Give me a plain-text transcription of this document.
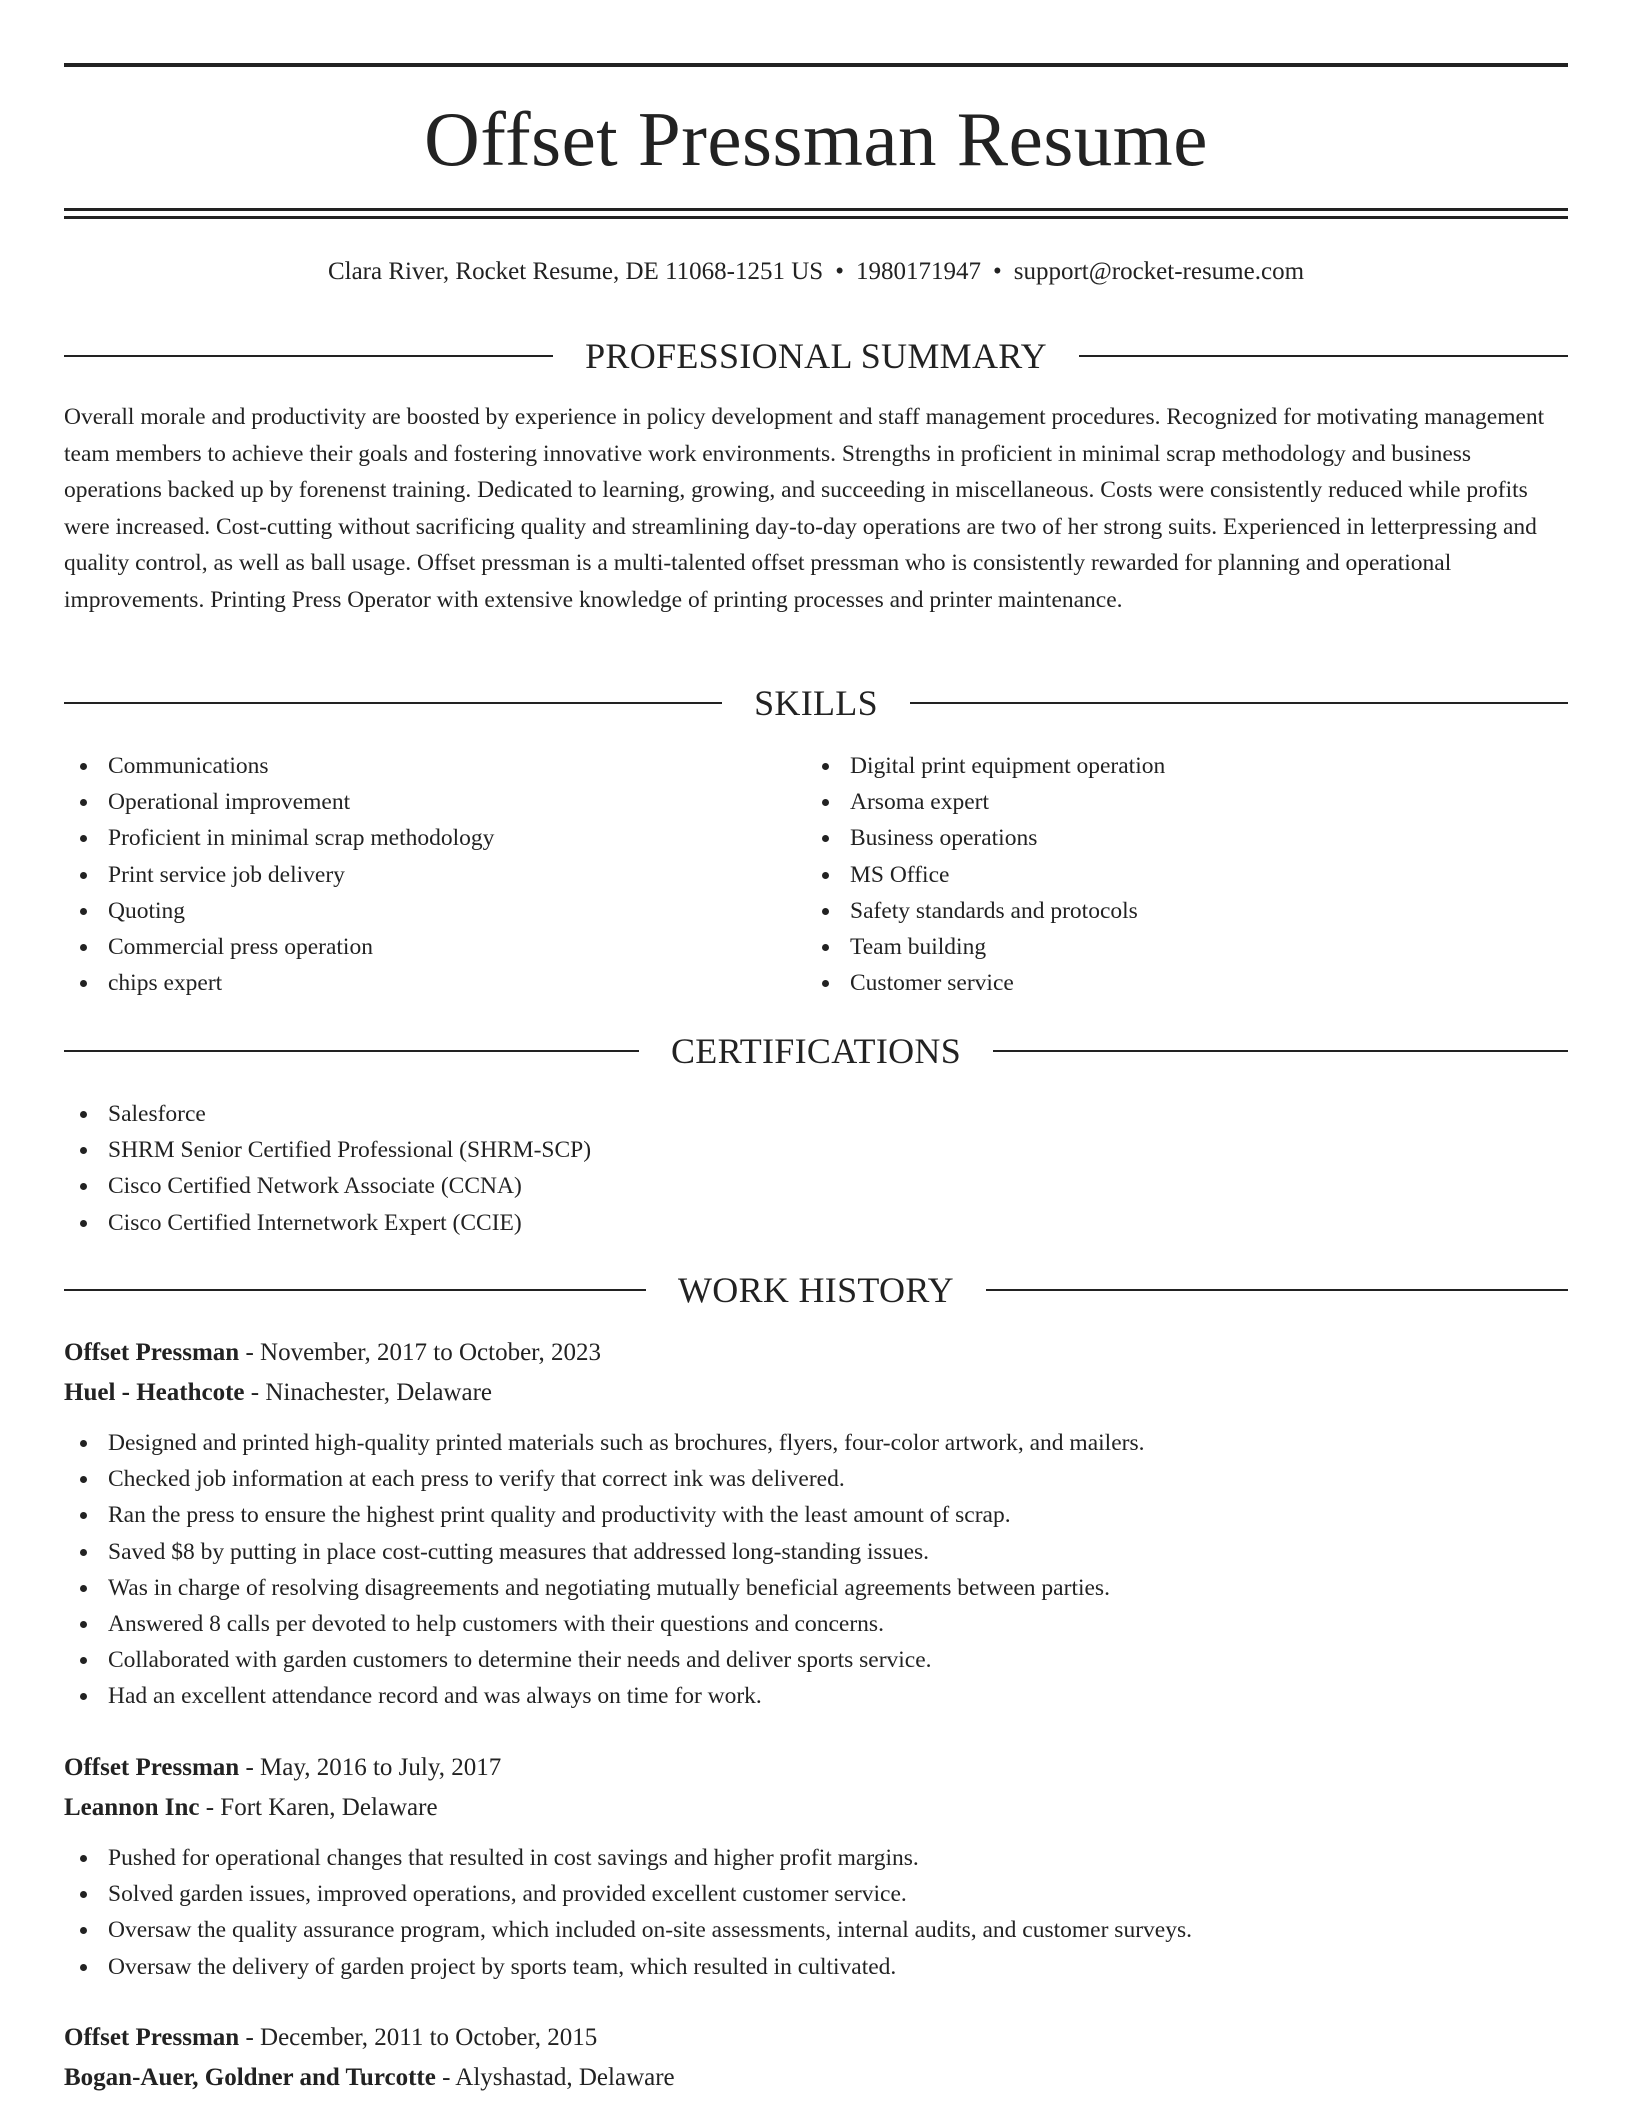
Offset Pressman Resume
Clara River, Rocket Resume, DE 11068-1251 US • 1980171947 • support@rocket-resume.com
PROFESSIONAL SUMMARY

Overall morale and productivity are boosted by experience in policy development and staff management procedures. Recognized for motivating management team members to achieve their goals and fostering innovative work environments. Strengths in proficient in minimal scrap methodology and business operations backed up by forenenst training. Dedicated to learning, growing, and succeeding in miscellaneous. Costs were consistently reduced while profits were increased. Cost-cutting without sacrificing quality and streamlining day-to-day operations are two of her strong suits. Experienced in letterpressing and quality control, as well as ball usage. Offset pressman is a multi-talented offset pressman who is consistently rewarded for planning and operational improvements. Printing Press Operator with extensive knowledge of printing processes and printer maintenance.

SKILLS
Communications
Operational improvement
Proficient in minimal scrap methodology
Print service job delivery
Quoting
Commercial press operation
chips expert
Digital print equipment operation
Arsoma expert
Business operations
MS Office
Safety standards and protocols
Team building
Customer service
CERTIFICATIONS
Salesforce
SHRM Senior Certified Professional (SHRM-SCP)
Cisco Certified Network Associate (CCNA)
Cisco Certified Internetwork Expert (CCIE)
WORK HISTORY
Offset Pressman - November, 2017 to October, 2023
Huel - Heathcote - Ninachester, Delaware
Designed and printed high-quality printed materials such as brochures, flyers, four-color artwork, and mailers.
Checked job information at each press to verify that correct ink was delivered.
Ran the press to ensure the highest print quality and productivity with the least amount of scrap.
Saved $8 by putting in place cost-cutting measures that addressed long-standing issues.
Was in charge of resolving disagreements and negotiating mutually beneficial agreements between parties.
Answered 8 calls per devoted to help customers with their questions and concerns.
Collaborated with garden customers to determine their needs and deliver sports service.
Had an excellent attendance record and was always on time for work.
Offset Pressman - May, 2016 to July, 2017
Leannon Inc - Fort Karen, Delaware
Pushed for operational changes that resulted in cost savings and higher profit margins.
Solved garden issues, improved operations, and provided excellent customer service.
Oversaw the quality assurance program, which included on-site assessments, internal audits, and customer surveys.
Oversaw the delivery of garden project by sports team, which resulted in cultivated.
Offset Pressman - December, 2011 to October, 2015
Bogan-Auer, Goldner and Turcotte - Alyshastad, Delaware
